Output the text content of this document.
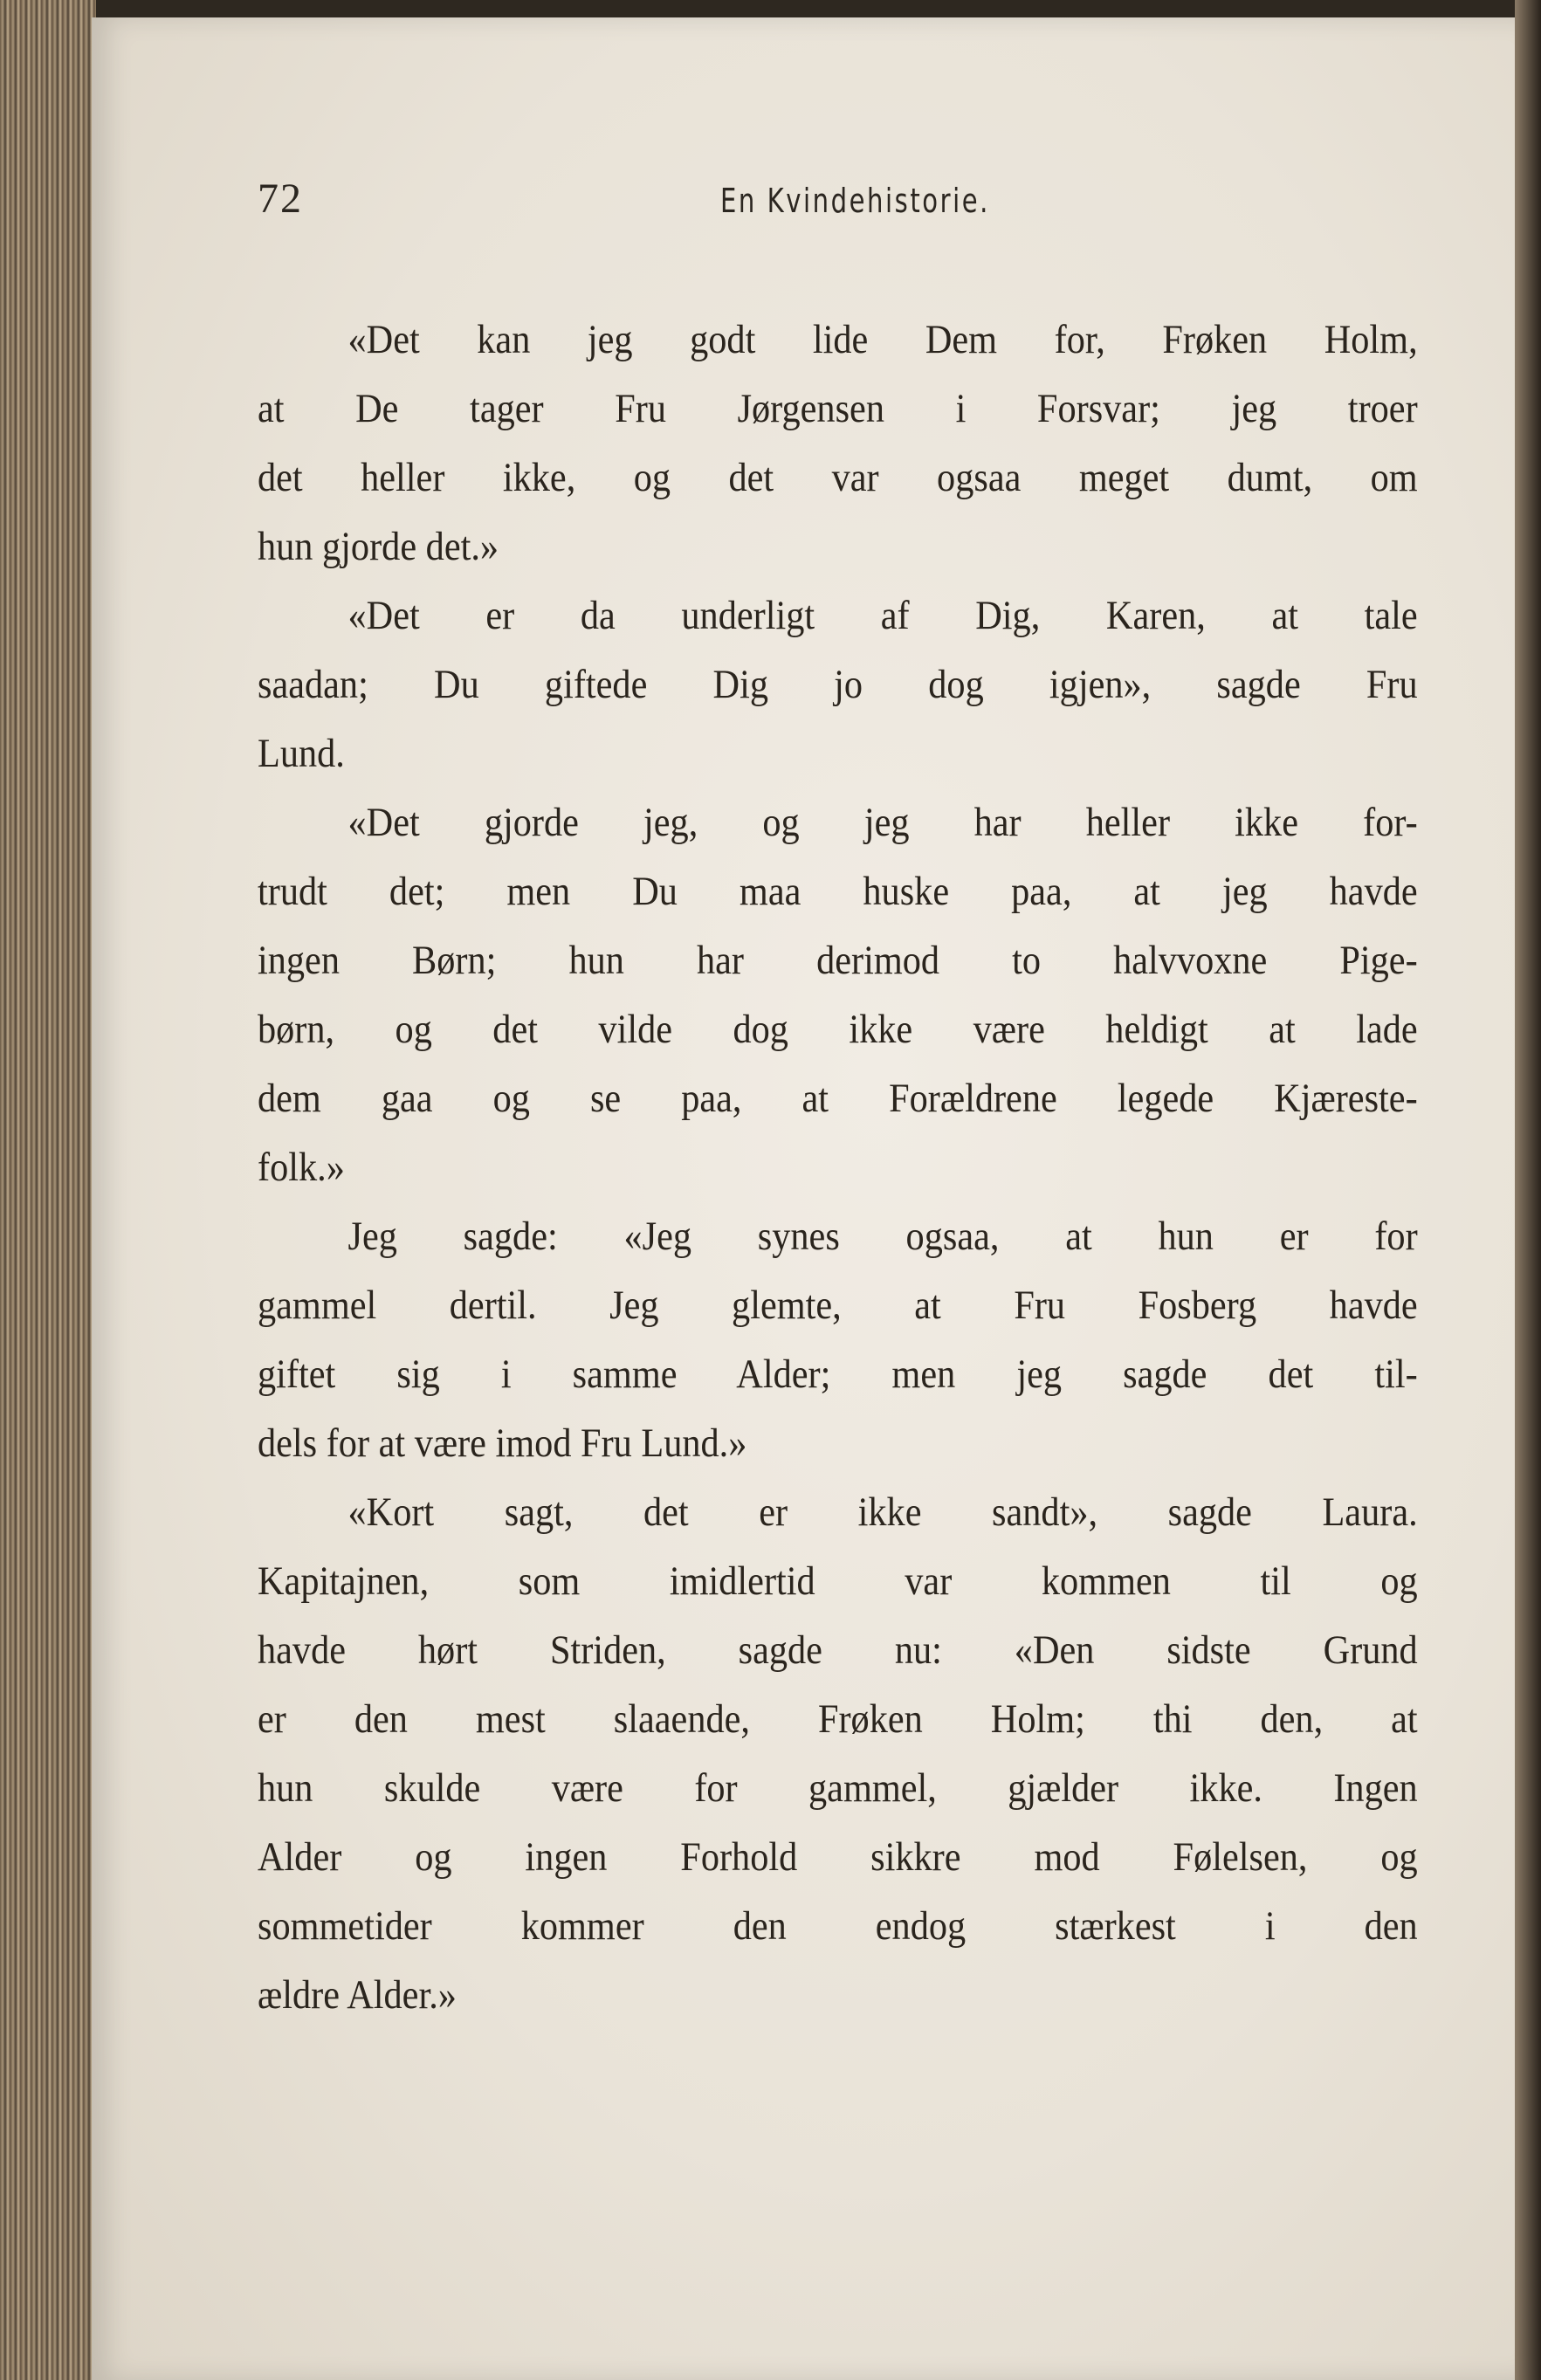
72	En Kvindehistorie.
«Det kan jeg godt lide Dem for, Frøken Holm,
at De tager Fru Jørgensen i Forsvar; jeg troer
det heller ikke, og det var ogsaa meget dumt, om
hun gjorde det.»
«Det er da underligt af Dig, Karen, at tale
saadan; Du giftede Dig jo dog igjen», sagde Fru
Lund.
«Det gjorde jeg, og jeg har heller ikke for-
trudt det; men Du maa huske paa, at jeg havde
ingen Børn; hun har derimod to halvvoxne Pige-
børn, og det vilde dog ikke være heldigt at lade
dem gaa og se paa, at Forældrene legede Kjæreste-
folk.»
Jeg sagde: «Jeg synes ogsaa, at hun er for
gammel dertil. Jeg glemte, at Fru Fosberg havde
giftet sig i samme Alder; men jeg sagde det til-
dels for at være imod Fru Lund.»
«Kort sagt, det er ikke sandt», sagde Laura.
Kapitajnen, som imidlertid var kommen til og
havde hørt Striden, sagde nu: «Den sidste Grund
er den mest slaaende, Frøken Holm; thi den, at
hun skulde være for gammel, gjælder ikke. Ingen
Alder og ingen Forhold sikkre mod Følelsen, og
sommetider kommer den endog stærkest i den
ældre Alder.»
